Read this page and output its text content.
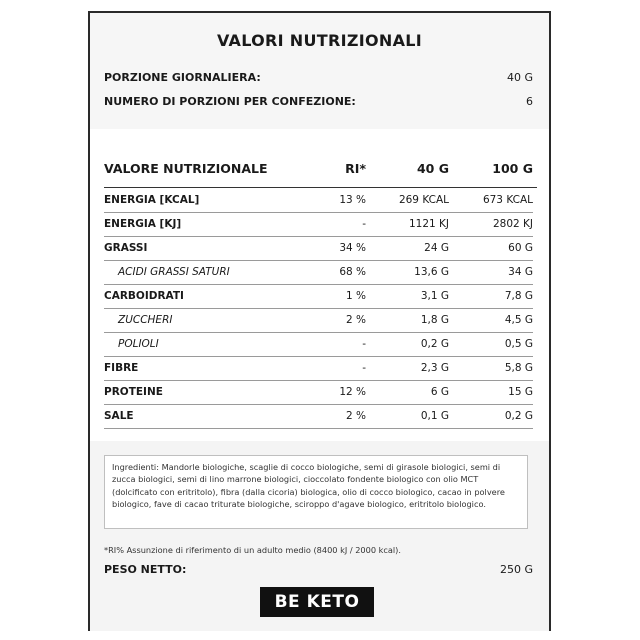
VALORI NUTRIZIONALI
PORZIONE GIORNALIERA:	40 G
NUMERO DI PORZIONI PER CONFEZIONE:	6
VALORE NUTRIZIONALE	RI*	40 G	100 G
ENERGIA [KCAL]	13 %	269 KCAL	673 KCAL
ENERGIA [KJ]	-	1121 KJ	2802 KJ
GRASSI	34 %	24 G	60 G
ACIDI GRASSI SATURI	68 %	13,6 G	34 G
CARBOIDRATI	1 %	3,1 G	7,8 G
ZUCCHERI	2 %	1,8 G	4,5 G
POLIOLI	-	0,2 G	0,5 G
FIBRE	-	2,3 G	5,8 G
PROTEINE	12 %	6 G	15 G
SALE	2 %	0,1 G	0,2 G
Ingredienti: Mandorle biologiche, scaglie di cocco biologiche, semi di girasole biologici, semi di zucca biologici, semi di lino marrone biologici, cioccolato fondente biologico con olio MCT (dolcificato con eritritolo), fibra (dalla cicoria) biologica, olio di cocco biologico, cacao in polvere biologico, fave di cacao triturate biologiche, sciroppo d'agave biologico, eritritolo biologico.
*RI% Assunzione di riferimento di un adulto medio (8400 kJ / 2000 kcal).
PESO NETTO:	250 G
BE KETO
